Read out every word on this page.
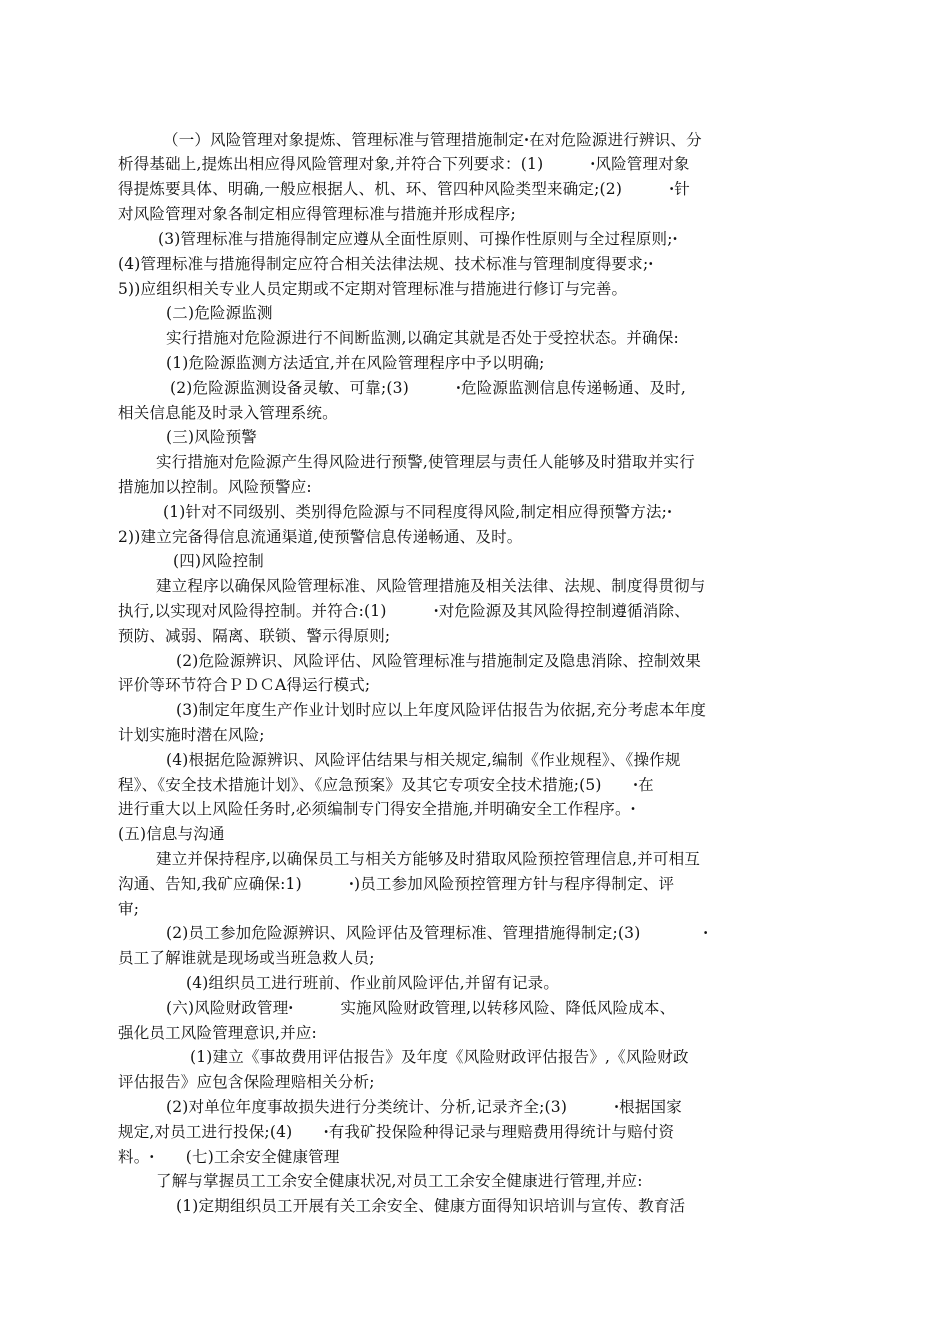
（一）风险管理对象提炼、管理标准与管理措施制定ꞏ在对危险源进行辨识、分
析得基础上,提炼出相应得风险管理对象,并符合下列要求：(1)　　　ꞏ风险管理对象
得提炼要具体、明确,一般应根据人、机、环、管四种风险类型来确定;(2)　　　ꞏ针
对风险管理对象各制定相应得管理标准与措施并形成程序;
(3)管理标准与措施得制定应遵从全面性原则、可操作性原则与全过程原则;ꞏ
(4)管理标准与措施得制定应符合相关法律法规、技术标准与管理制度得要求;ꞏ
5))应组织相关专业人员定期或不定期对管理标准与措施进行修订与完善。
(二)危险源监测
实行措施对危险源进行不间断监测,以确定其就是否处于受控状态。并确保:
(1)危险源监测方法适宜,并在风险管理程序中予以明确;
(2)危险源监测设备灵敏、可靠;(3)　　　ꞏ危险源监测信息传递畅通、及时,
相关信息能及时录入管理系统。
(三)风险预警
实行措施对危险源产生得风险进行预警,使管理层与责任人能够及时猎取并实行
措施加以控制。风险预警应:
(1)针对不同级别、类别得危险源与不同程度得风险,制定相应得预警方法;ꞏ
2))建立完备得信息流通渠道,使预警信息传递畅通、及时。
(四)风险控制
建立程序以确保风险管理标准、风险管理措施及相关法律、法规、制度得贯彻与
执行,以实现对风险得控制。并符合:(1)　　　ꞏ对危险源及其风险得控制遵循消除、
预防、减弱、隔离、联锁、警示得原则;
(2)危险源辨识、风险评估、风险管理标准与措施制定及隐患消除、控制效果
评价等环节符合ＰＤＣA得运行模式;
(3)制定年度生产作业计划时应以上年度风险评估报告为依据,充分考虑本年度
计划实施时潜在风险;
(4)根据危险源辨识、风险评估结果与相关规定,编制《作业规程》、《操作规
程》、《安全技术措施计划》、《应急预案》及其它专项安全技术措施;(5)　　ꞏ在
进行重大以上风险任务时,必须编制专门得安全措施,并明确安全工作程序。ꞏ
(五)信息与沟通
建立并保持程序,以确保员工与相关方能够及时猎取风险预控管理信息,并可相互
沟通、告知,我矿应确保:1)　　　ꞏ)员工参加风险预控管理方针与程序得制定、评
审;
(2)员工参加危险源辨识、风险评估及管理标准、管理措施得制定;(3)　　　　ꞏ
员工了解谁就是现场或当班急救人员;
(4)组织员工进行班前、作业前风险评估,并留有记录。
(六)风险财政管理ꞏ　　　实施风险财政管理,以转移风险、降低风险成本、
强化员工风险管理意识,并应:
(1)建立《事故费用评估报告》及年度《风险财政评估报告》,《风险财政
评估报告》应包含保险理赔相关分析;
(2)对单位年度事故损失进行分类统计、分析,记录齐全;(3)　　　ꞏ根据国家
规定,对员工进行投保;(4)　　ꞏ有我矿投保险种得记录与理赔费用得统计与赔付资
料。ꞏ　　(七)工余安全健康管理
了解与掌握员工工余安全健康状况,对员工工余安全健康进行管理,并应:
(1)定期组织员工开展有关工余安全、健康方面得知识培训与宣传、教育活
